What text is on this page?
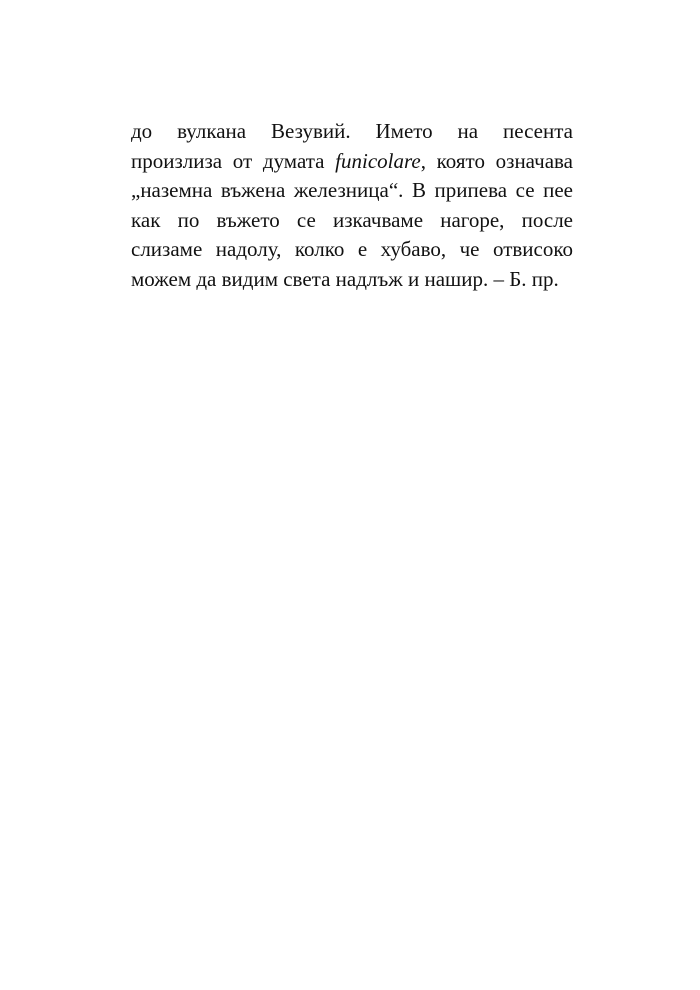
до вулкана Везувий. Името на песента
произлиза от думата funicolare, която означава
„наземна въжена железница“. В припева се пее
как по въжето се изкачваме нагоре, после
слизаме надолу, колко е хубаво, че отвисоко
можем да видим света надлъж и нашир. – Б. пр.
